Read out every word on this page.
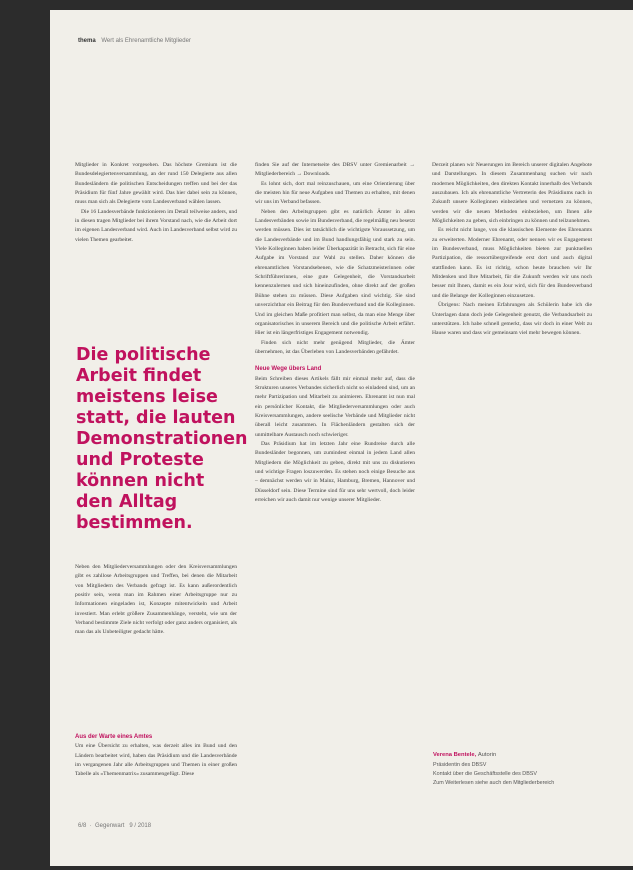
thema Wert als Ehrenamtliche Mitglieder

Mitglieder in Konkret vorgesehen. Das höchste Gremium ist die Bundesdelegiertenversammlung, an der rund 150 Delegierte aus allen Bundesländern die politischen Entscheidungen treffen und bei der das Präsidium für fünf Jahre gewählt wird. Das hier dabei sein zu können, muss man sich als Delegierte vom Landesverband wählen lassen.

Die 16 Landesverbände funktionieren im Detail teilweise anders, und in diesen tragen Mitglieder bei ihrem Vorstand nach, wie die Arbeit dort im eigenen Landesverband wird. Auch im Landesverband selbst wird zu vielen Themen gearbeitet.

Die politische Arbeit findet meistens leise statt, die lauten Demonstrationen und Proteste können nicht den Alltag bestimmen.

Neben den Mitgliederversammlungen oder den Kreisversammlungen gibt es zahllose Arbeitsgruppen und Treffen, bei denen die Mitarbeit von Mitgliedern des Verbands gefragt ist. Es kann außerordentlich positiv sein, wenn man im Rahmen einer Arbeitsgruppe nur zu Informationen eingeladen ist, Konzepte mitentwickeln und Arbeit investiert. Man erlebt größere Zusammenhänge, versteht, wie um der Verband bestimmte Ziele nicht verfolgt oder ganz anders organisiert, als man das als Unbeteiligter gedacht hätte.

Aus der Warte eines Amtes

Um eine Übersicht zu erhalten, was derzeit alles im Bund und den Ländern bearbeitet wird, haben das Präsidium und die Landesverbände im vergangenen Jahr alle Arbeitsgruppen und Themen in einer großen Tabelle als »Themenmatrix« zusammengefügt. Diese

finden Sie auf der Internetseite des DBSV unter Gremienarbeit → Mitgliederbereich → Downloads.

Es lohnt sich, dort mal reinzuschauen, um eine Orientierung über die meisten hin für neue Aufgaben und Themen zu erhalten, mit denen wir uns im Verband befassen.

Neben den Arbeitsgruppen gibt es natürlich Ämter in allen Landesverbänden sowie im Bundesverband, die regelmäßig neu besetzt werden müssen. Dies ist tatsächlich die wichtigste Voraussetzung, um die Landesverbände und im Bund handlungsfähig und stark zu sein. Viele Kolleginnen haben leider Überkapazität in Betracht, sich für eine Aufgabe im Vorstand zur Wahl zu stellen. Daher können die ehrenamtlichen Vorstandsebenen, wie die Schatzmeisterinnen oder Schriftführerinnen, eine gute Gelegenheit, die Vorstandsarbeit kennenzulernen und sich hineinzufinden, ohne direkt auf der großen Bühne stehen zu müssen. Diese Aufgaben sind wichtig. Sie sind unverzichtbar ein Beitrag für den Bundesverband und die Kolleginnen. Und im gleichen Maße profitiert man selbst, da man eine Menge über organisatorisches in unserem Bereich und die politische Arbeit erfährt. Hier ist ein längerfristiges Engagement notwendig.

Finden sich nicht mehr genügend Mitglieder, die Ämter übernehmen, ist das Überleben von Landesverbänden gefährdet.

Neue Wege übers Land

Beim Schreiben dieses Artikels fällt mir einmal mehr auf, dass die Strukturen unseres Verbandes sicherlich nicht so einladend sind, um an mehr Partizipation und Mitarbeit zu animieren. Ehrenamt ist nun mal ein persönlicher Kontakt, die Mitgliederversammlungen oder auch Kreisversammlungen, andere seelische Verbände und Mitglieder nicht überall leicht zusammen. In Flächenländern gestalten sich der unmittelbare Austausch noch schwieriger.

Das Präsidium hat im letzten Jahr eine Rundreise durch alle Bundesländer begonnen, um zumindest einmal in jedem Land allen Mitgliedern die Möglichkeit zu geben, direkt mit uns zu diskutieren und wichtige Fragen loszuwerden. Es stehen noch einige Besuche aus – demnächst werden wir in Mainz, Hamburg, Bremen, Hannover und Düsseldorf sein. Diese Termine sind für uns sehr wertvoll, doch leider erreichen wir auch damit nur wenige unserer Mitglieder.

Derzeit planen wir Neuerungen im Bereich unserer digitalen Angebote und Darstellungen. In diesem Zusammenhang suchen wir nach modernen Möglichkeiten, den direkten Kontakt innerhalb des Verbands auszubauen. Ich als ehrenamtliche Vertreterin des Präsidiums nach in Zukunft unsere Kolleginnen einbeziehen und vernetzen zu können, werden wir die neuen Methoden einbeziehen, um Ihnen alle Möglichkeiten zu geben, sich einbringen zu können und teilzunehmen.

Es reicht nicht lange, von die klassischen Elemente des Ehrenamts zu erweiterten. Moderner Ehrenamt, oder nennen wir es Engagement im Bundesverband, muss Möglichkeiten bieten zur punktuellen Partizipation, die ressortübergreifende erst dort und auch digital stattfinden kann. Es ist richtig, schon heute brauchen wir Ihr Mitdenken und Ihre Mitarbeit, für die Zukunft werden wir uns noch besser mit Ihnen, damit es ein Jour wird, sich für den Bundesverband und die Belange der Kolleginnen einzusetzen.

Übrigens: Nach meinen Erfahrungen als Schülerin habe ich die Unterlagen dann doch jede Gelegenheit genutzt, die Verbandsarbeit zu unterstützen. Ich habe schnell gemerkt, dass wir doch in einer Welt zu Hause waren und dass wir gemeinsam viel mehr bewegen können.

Verena Bentele, Autorin
Präsidentin des DBSV
Kontakt über die Geschäftsstelle des DBSV
Zum Weiterlesen siehe auch den Mitgliederbereich
6/8  ·  Gegenwart 9 / 2018
